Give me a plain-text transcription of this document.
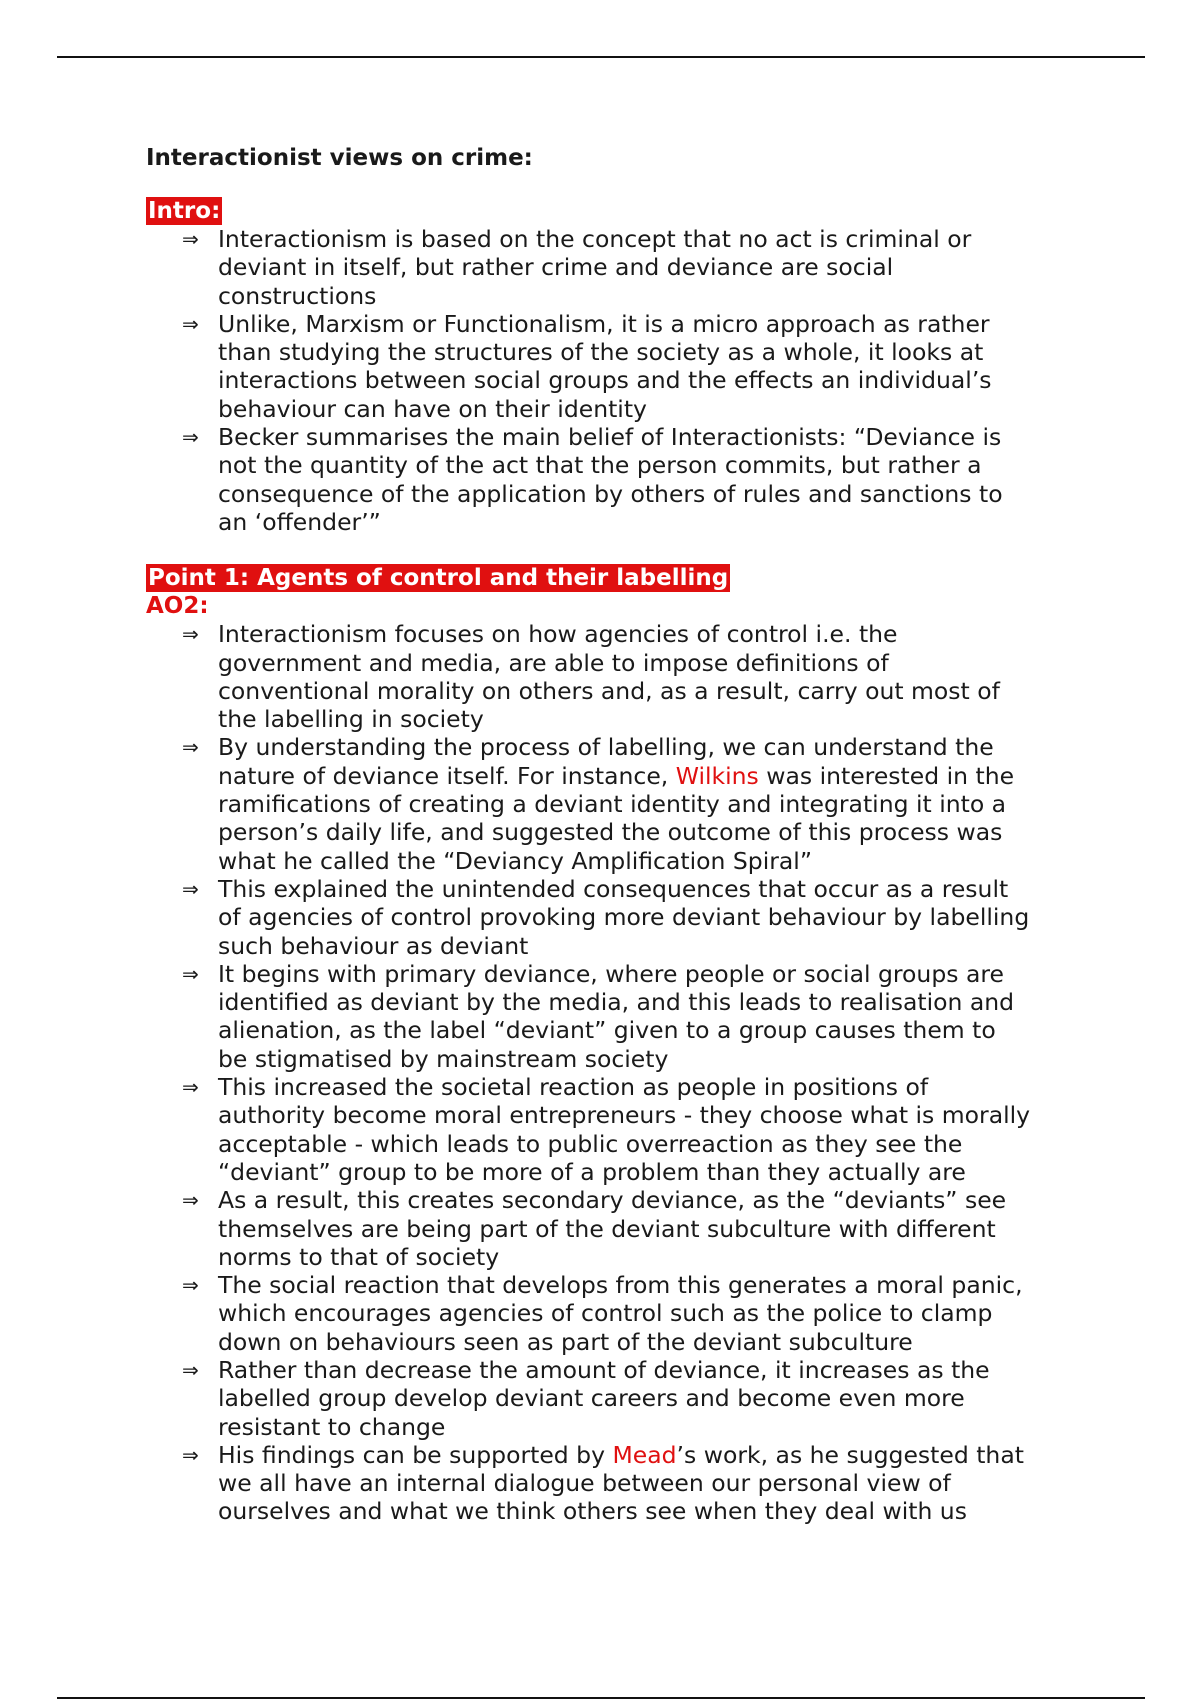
Interactionist views on crime:
Intro:
⇒ Interactionism is based on the concept that no act is criminal or
deviant in itself, but rather crime and deviance are social
constructions
⇒ Unlike, Marxism or Functionalism, it is a micro approach as rather
than studying the structures of the society as a whole, it looks at
interactions between social groups and the effects an individual’s
behaviour can have on their identity
⇒ Becker summarises the main belief of Interactionists: “Deviance is
not the quantity of the act that the person commits, but rather a
consequence of the application by others of rules and sanctions to
an ‘offender’”
Point 1: Agents of control and their labelling
AO2:
⇒ Interactionism focuses on how agencies of control i.e. the
government and media, are able to impose definitions of
conventional morality on others and, as a result, carry out most of
the labelling in society
⇒ By understanding the process of labelling, we can understand the
nature of deviance itself. For instance, Wilkins was interested in the
ramifications of creating a deviant identity and integrating it into a
person’s daily life, and suggested the outcome of this process was
what he called the “Deviancy Amplification Spiral”
⇒ This explained the unintended consequences that occur as a result
of agencies of control provoking more deviant behaviour by labelling
such behaviour as deviant
⇒ It begins with primary deviance, where people or social groups are
identified as deviant by the media, and this leads to realisation and
alienation, as the label “deviant” given to a group causes them to
be stigmatised by mainstream society
⇒ This increased the societal reaction as people in positions of
authority become moral entrepreneurs - they choose what is morally
acceptable - which leads to public overreaction as they see the
“deviant” group to be more of a problem than they actually are
⇒ As a result, this creates secondary deviance, as the “deviants” see
themselves are being part of the deviant subculture with different
norms to that of society
⇒ The social reaction that develops from this generates a moral panic,
which encourages agencies of control such as the police to clamp
down on behaviours seen as part of the deviant subculture
⇒ Rather than decrease the amount of deviance, it increases as the
labelled group develop deviant careers and become even more
resistant to change
⇒ His findings can be supported by Mead’s work, as he suggested that
we all have an internal dialogue between our personal view of
ourselves and what we think others see when they deal with us
